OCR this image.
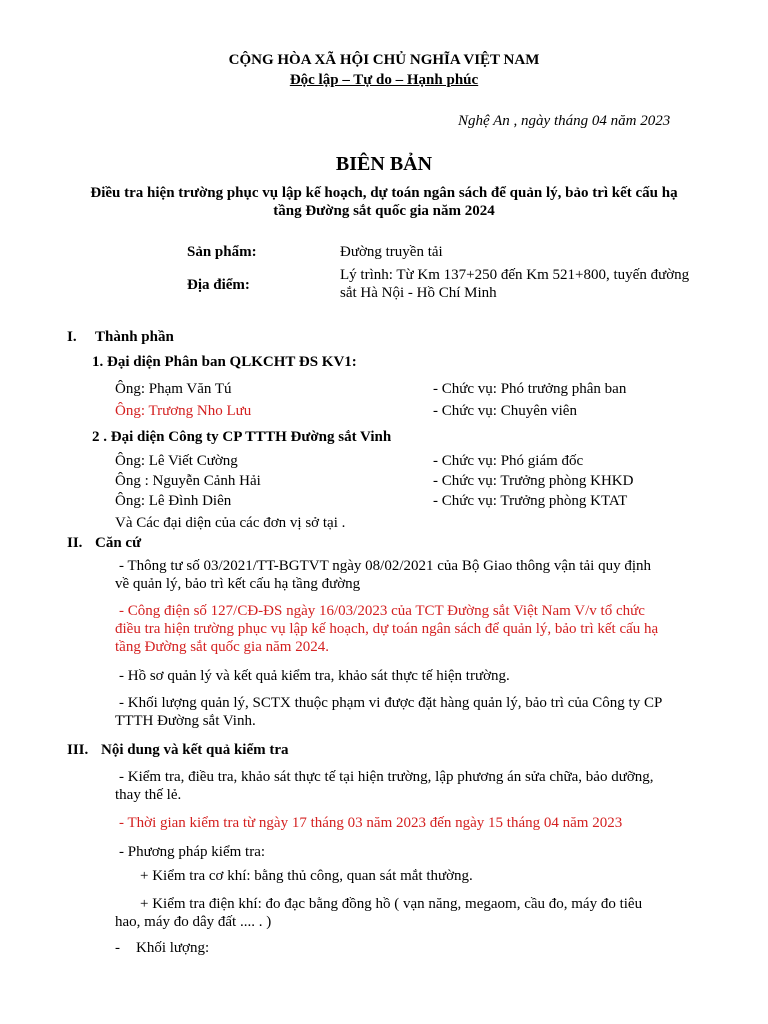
CỘNG HÒA XÃ HỘI CHỦ NGHĨA VIỆT NAM
Độc lập – Tự do – Hạnh phúc
Nghệ An , ngày tháng 04 năm 2023
BIÊN BẢN
Điều tra hiện trường phục vụ lập kế hoạch, dự toán ngân sách để quản lý, bảo trì kết cấu hạ
tầng Đường sắt quốc gia năm 2024
Sản phẩm:	Đường truyền tải
Địa điểm:
Lý trình: Từ Km 137+250 đến Km 521+800, tuyến đường
sắt Hà Nội - Hồ Chí Minh
I. Thành phần
1. Đại diện Phân ban QLKCHT ĐS KV1:
Ông: Phạm Văn Tú	- Chức vụ: Phó trưởng phân ban
Ông: Trương Nho Lưu	- Chức vụ: Chuyên viên
2 . Đại diện Công ty CP TTTH Đường sắt Vinh
Ông: Lê Viết Cường	- Chức vụ: Phó giám đốc
Ông : Nguyễn Cảnh Hải	- Chức vụ: Trưởng phòng KHKD
Ông: Lê Đình Diên	- Chức vụ: Trưởng phòng KTAT
Và Các đại diện của các đơn vị sở tại .
II. Căn cứ
- Thông tư số 03/2021/TT-BGTVT ngày 08/02/2021 của Bộ Giao thông vận tải quy định
về quản lý, bảo trì kết cấu hạ tầng đường
- Công điện số 127/CĐ-ĐS ngày 16/03/2023 của TCT Đường sắt Việt Nam V/v tổ chức
điều tra hiện trường phục vụ lập kế hoạch, dự toán ngân sách để quản lý, bảo trì kết cấu hạ
tầng Đường sắt quốc gia năm 2024.
- Hồ sơ quản lý và kết quả kiểm tra, khảo sát thực tế hiện trường.
- Khối lượng quản lý, SCTX thuộc phạm vi được đặt hàng quản lý, bảo trì của Công ty CP
TTTH Đường sắt Vinh.
III. Nội dung và kết quả kiểm tra
- Kiểm tra, điều tra, khảo sát thực tế tại hiện trường, lập phương án sửa chữa, bảo dưỡng,
thay thế lẻ.
- Thời gian kiểm tra từ ngày 17 tháng 03 năm 2023 đến ngày 15 tháng 04 năm 2023
- Phương pháp kiểm tra:
+ Kiểm tra cơ khí: bằng thủ công, quan sát mắt thường.
+ Kiểm tra điện khí: đo đạc bằng đồng hồ ( vạn năng, megaom, cầu đo, máy đo tiêu
hao, máy đo dây đất .... . )
- Khối lượng:
